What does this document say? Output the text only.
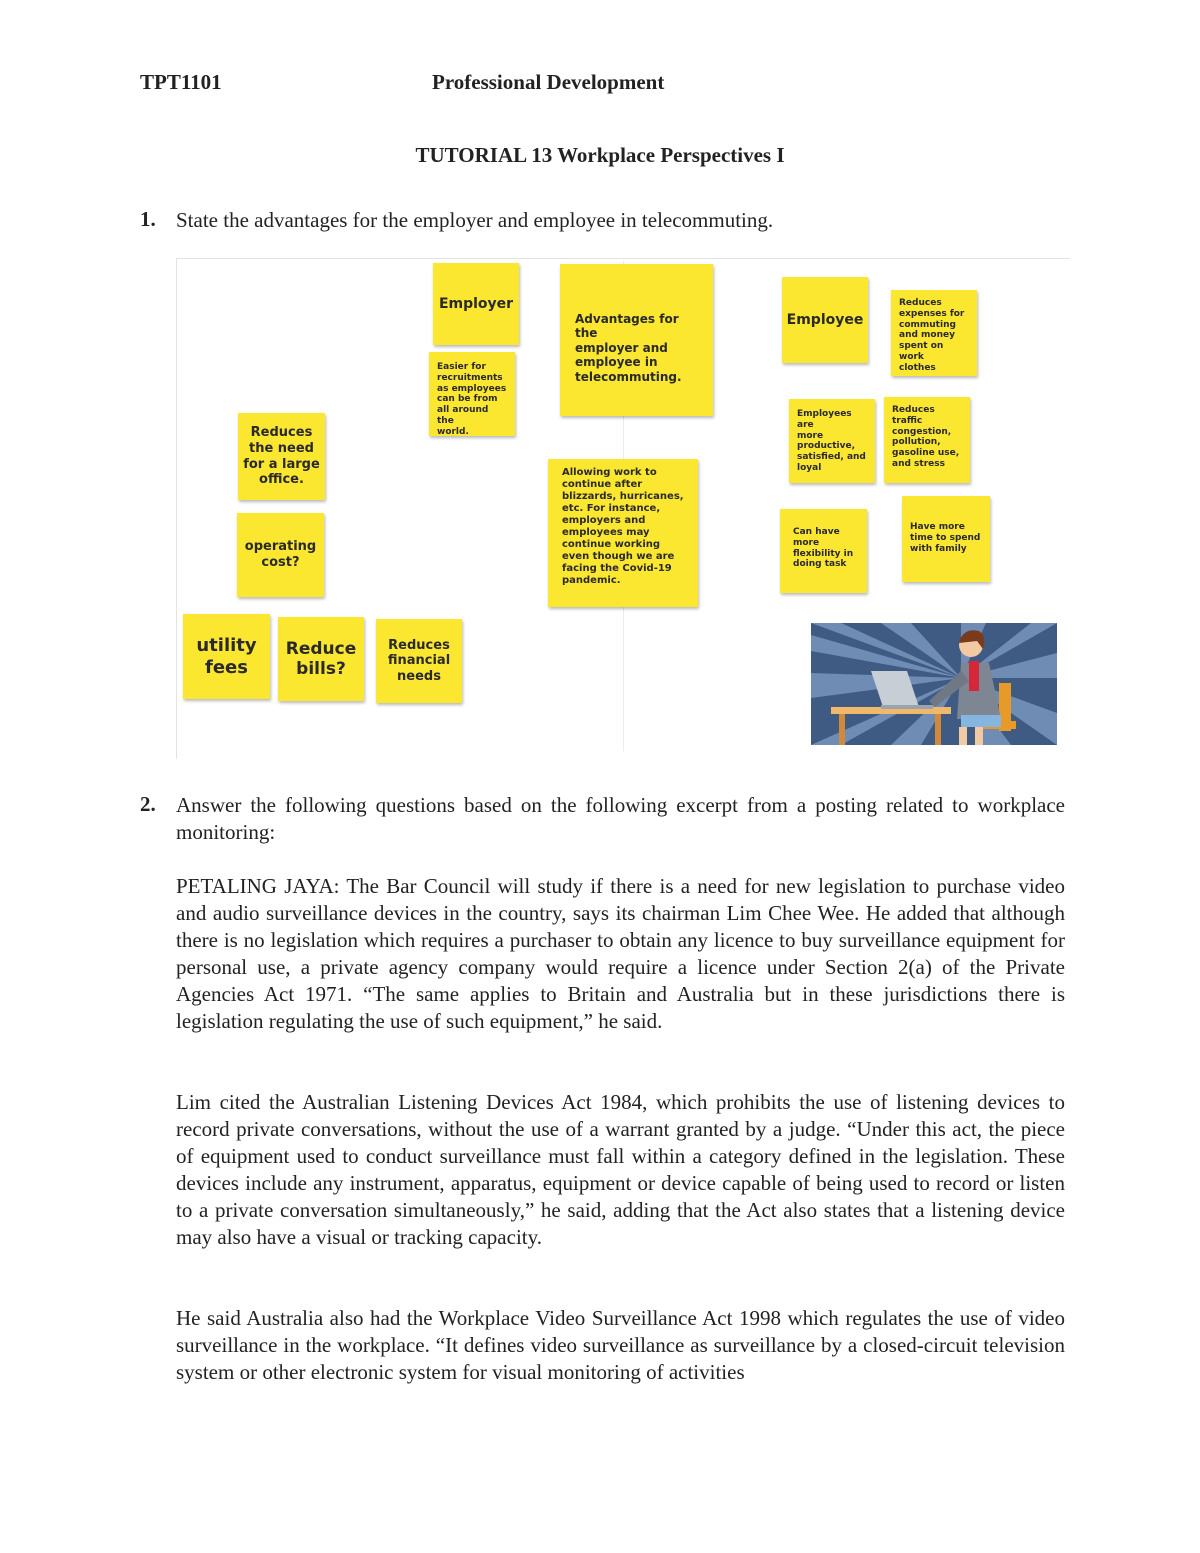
TPT1101	Professional Development
TUTORIAL 13 Workplace Perspectives I
1. State the advantages for the employer and employee in telecommuting.
Employer
Easier for
recruitments
as employees
can be from
all around the
world.
Advantages for the
employer and
employee in
telecommuting.
Allowing work to
continue after
blizzards, hurricanes,
etc. For instance,
employers and
employees may
continue working
even though we are
facing the Covid-19
pandemic.
Reduces
the need
for a large
office.
operating
cost?
utility
fees
Reduce
bills?
Reduces
financial
needs
Employee
Reduces
expenses for
commuting
and money
spent on work
clothes
Employees are
more
productive,
satisfied, and
loyal
Reduces
traffic
congestion,
pollution,
gasoline use,
and stress
Can have
more
flexibility in
doing task
Have more
time to spend
with family
2. Answer the following questions based on the following excerpt from a posting related to workplace monitoring:
PETALING JAYA: The Bar Council will study if there is a need for new legislation to purchase video and audio surveillance devices in the country, says its chairman Lim Chee Wee. He added that although there is no legislation which requires a purchaser to obtain any licence to buy surveillance equipment for personal use, a private agency company would require a licence under Section 2(a) of the Private Agencies Act 1971. “The same applies to Britain and Australia but in these jurisdictions there is legislation regulating the use of such equipment,” he said.
Lim cited the Australian Listening Devices Act 1984, which prohibits the use of listening devices to record private conversations, without the use of a warrant granted by a judge. “Under this act, the piece of equipment used to conduct surveillance must fall within a category defined in the legislation. These devices include any instrument, apparatus, equipment or device capable of being used to record or listen to a private conversation simultaneously,” he said, adding that the Act also states that a listening device may also have a visual or tracking capacity.
He said Australia also had the Workplace Video Surveillance Act 1998 which regulates the use of video surveillance in the workplace. “It defines video surveillance as surveillance by a closed-circuit television system or other electronic system for visual monitoring of activities
